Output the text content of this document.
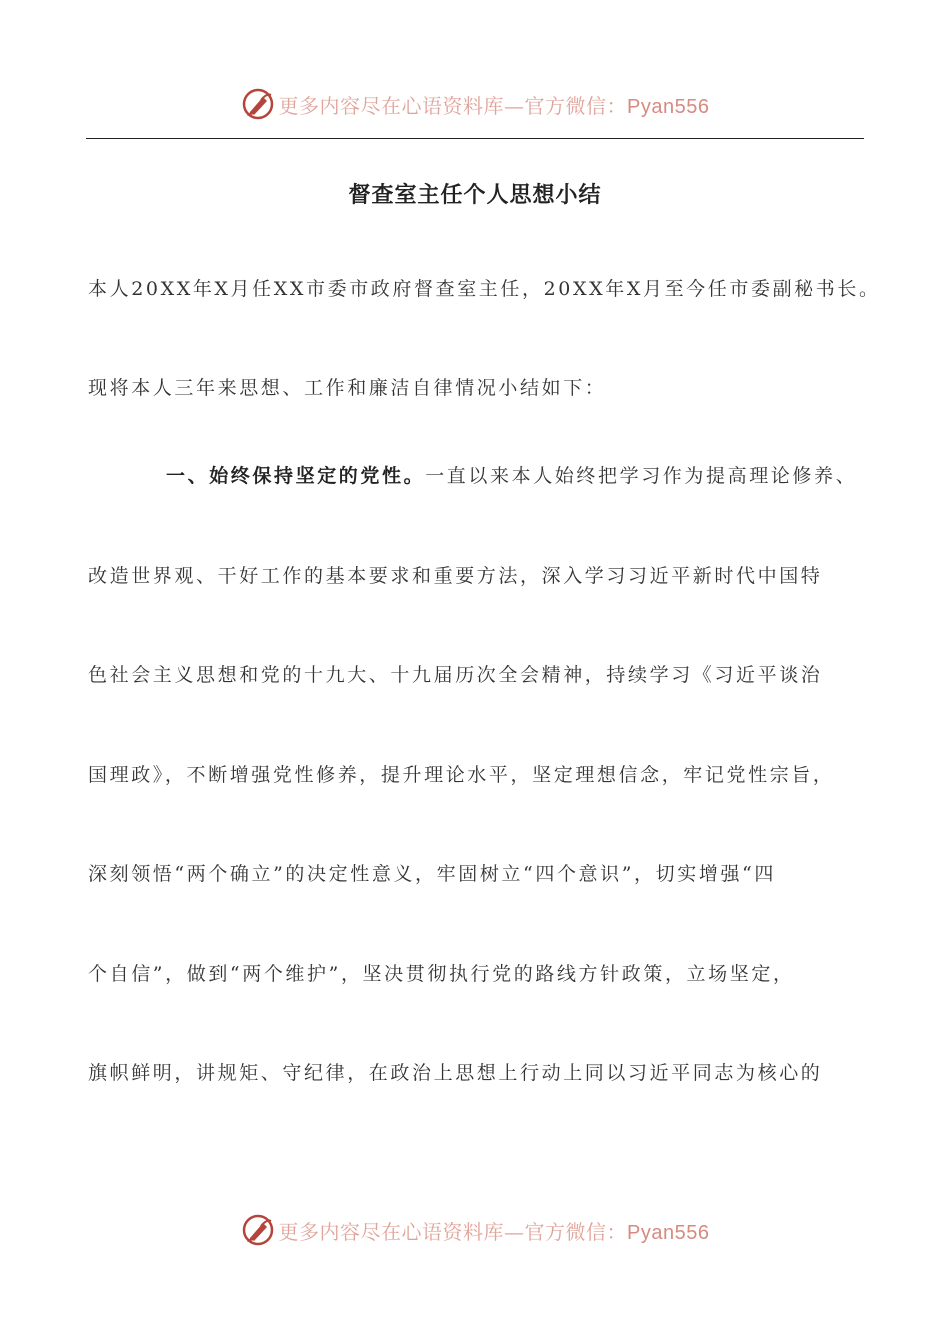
更多内容尽在心语资料库—官方微信：Pyan556
督查室主任个人思想小结
本人20XX年X月任XX市委市政府督查室主任，20XX年X月至今任市委副秘书长。
现将本人三年来思想、工作和廉洁自律情况小结如下：
一、始终保持坚定的党性。一直以来本人始终把学习作为提高理论修养、
改造世界观、干好工作的基本要求和重要方法，深入学习习近平新时代中国特
色社会主义思想和党的十九大、十九届历次全会精神，持续学习《习近平谈治
国理政》，不断增强党性修养，提升理论水平，坚定理想信念，牢记党性宗旨，
深刻领悟“两个确立”的决定性意义，牢固树立“四个意识”，切实增强“四
个自信”，做到“两个维护”，坚决贯彻执行党的路线方针政策，立场坚定，
旗帜鲜明，讲规矩、守纪律，在政治上思想上行动上同以习近平同志为核心的
更多内容尽在心语资料库—官方微信：Pyan556
